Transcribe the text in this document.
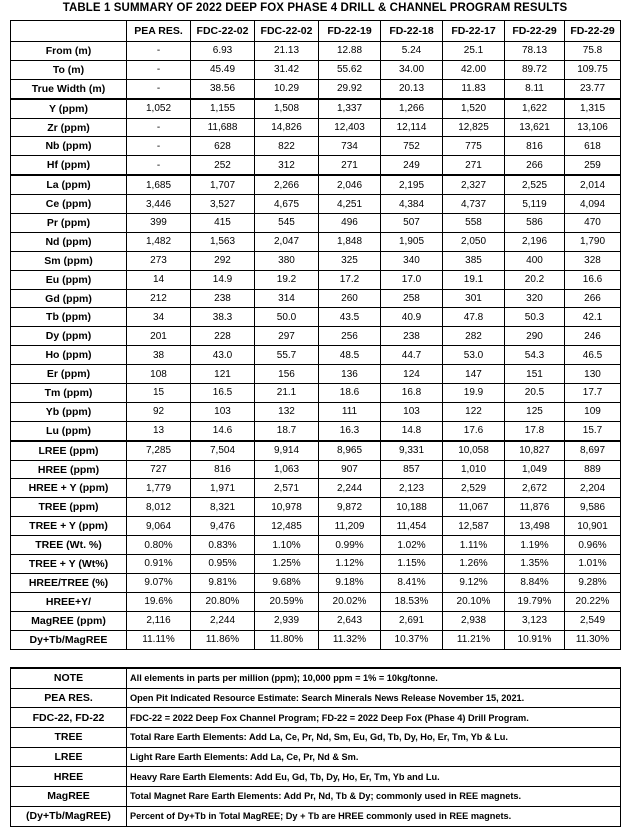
TABLE 1 SUMMARY OF 2022 DEEP FOX PHASE 4 DRILL & CHANNEL PROGRAM RESULTS
	PEA RES.	FDC-22-02	FDC-22-02	FD-22-19	FD-22-18	FD-22-17	FD-22-29	FD-22-29
From (m)	-	6.93	21.13	12.88	5.24	25.1	78.13	75.8
To (m)	-	45.49	31.42	55.62	34.00	42.00	89.72	109.75
True Width (m)	-	38.56	10.29	29.92	20.13	11.83	8.11	23.77
Y (ppm)	1,052	1,155	1,508	1,337	1,266	1,520	1,622	1,315
Zr (ppm)	-	11,688	14,826	12,403	12,114	12,825	13,621	13,106
Nb (ppm)	-	628	822	734	752	775	816	618
Hf (ppm)	-	252	312	271	249	271	266	259
La (ppm)	1,685	1,707	2,266	2,046	2,195	2,327	2,525	2,014
Ce (ppm)	3,446	3,527	4,675	4,251	4,384	4,737	5,119	4,094
Pr (ppm)	399	415	545	496	507	558	586	470
Nd (ppm)	1,482	1,563	2,047	1,848	1,905	2,050	2,196	1,790
Sm (ppm)	273	292	380	325	340	385	400	328
Eu (ppm)	14	14.9	19.2	17.2	17.0	19.1	20.2	16.6
Gd (ppm)	212	238	314	260	258	301	320	266
Tb (ppm)	34	38.3	50.0	43.5	40.9	47.8	50.3	42.1
Dy (ppm)	201	228	297	256	238	282	290	246
Ho (ppm)	38	43.0	55.7	48.5	44.7	53.0	54.3	46.5
Er (ppm)	108	121	156	136	124	147	151	130
Tm (ppm)	15	16.5	21.1	18.6	16.8	19.9	20.5	17.7
Yb (ppm)	92	103	132	111	103	122	125	109
Lu (ppm)	13	14.6	18.7	16.3	14.8	17.6	17.8	15.7
LREE (ppm)	7,285	7,504	9,914	8,965	9,331	10,058	10,827	8,697
HREE (ppm)	727	816	1,063	907	857	1,010	1,049	889
HREE + Y (ppm)	1,779	1,971	2,571	2,244	2,123	2,529	2,672	2,204
TREE (ppm)	8,012	8,321	10,978	9,872	10,188	11,067	11,876	9,586
TREE + Y (ppm)	9,064	9,476	12,485	11,209	11,454	12,587	13,498	10,901
TREE (Wt. %)	0.80%	0.83%	1.10%	0.99%	1.02%	1.11%	1.19%	0.96%
TREE + Y (Wt%)	0.91%	0.95%	1.25%	1.12%	1.15%	1.26%	1.35%	1.01%
HREE/TREE (%)	9.07%	9.81%	9.68%	9.18%	8.41%	9.12%	8.84%	9.28%
HREE+Y/	19.6%	20.80%	20.59%	20.02%	18.53%	20.10%	19.79%	20.22%
MagREE (ppm)	2,116	2,244	2,939	2,643	2,691	2,938	3,123	2,549
Dy+Tb/MagREE	11.11%	11.86%	11.80%	11.32%	10.37%	11.21%	10.91%	11.30%
NOTE	All elements in parts per million (ppm); 10,000 ppm = 1% = 10kg/tonne.
PEA RES.	Open Pit Indicated Resource Estimate: Search Minerals News Release November 15, 2021.
FDC-22, FD-22	FDC-22 = 2022 Deep Fox Channel Program; FD-22 = 2022 Deep Fox (Phase 4) Drill Program.
TREE	Total Rare Earth Elements: Add La, Ce, Pr, Nd, Sm, Eu, Gd, Tb, Dy, Ho, Er, Tm, Yb & Lu.
LREE	Light Rare Earth Elements: Add La, Ce, Pr, Nd & Sm.
HREE	Heavy Rare Earth Elements: Add Eu, Gd, Tb, Dy, Ho, Er, Tm, Yb and Lu.
MagREE	Total Magnet Rare Earth Elements: Add Pr, Nd, Tb & Dy; commonly used in REE magnets.
(Dy+Tb/MagREE)	Percent of Dy+Tb in Total MagREE; Dy + Tb are HREE commonly used in REE magnets.
